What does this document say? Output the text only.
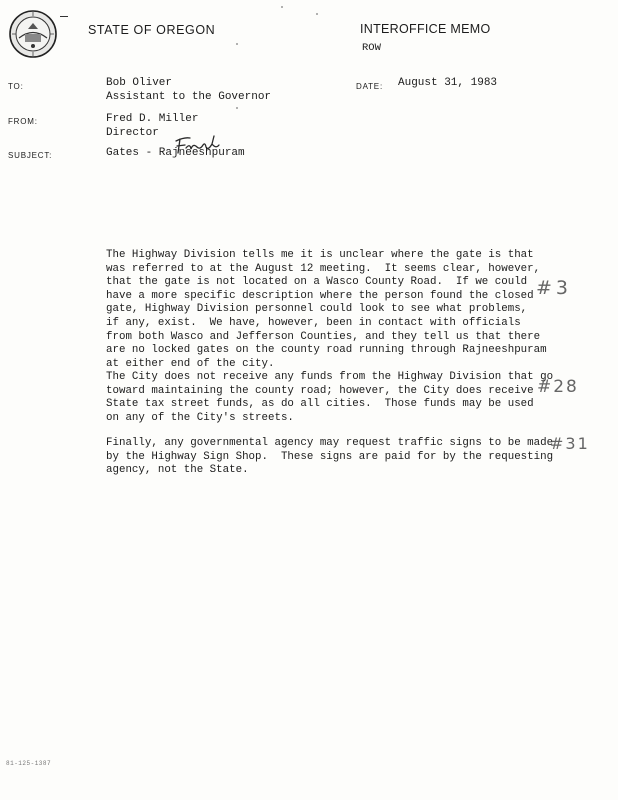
STATE OF OREGON	INTEROFFICE MEMO
ROW
TO:	Bob Oliver
Assistant to the Governor
DATE: August 31, 1983
FROM:	Fred D. Miller
Director
SUBJECT:	Gates - Rajneeshpuram
The Highway Division tells me it is unclear where the gate is that
was referred to at the August 12 meeting.  It seems clear, however,
that the gate is not located on a Wasco County Road.  If we could
have a more specific description where the person found the closed
gate, Highway Division personnel could look to see what problems,
if any, exist.  We have, however, been in contact with officials
from both Wasco and Jefferson Counties, and they tell us that there
are no locked gates on the county road running through Rajneeshpuram
at either end of the city.
The City does not receive any funds from the Highway Division that go
toward maintaining the county road; however, the City does receive
State tax street funds, as do all cities.  Those funds may be used
on any of the City's streets.
Finally, any governmental agency may request traffic signs to be made
by the Highway Sign Shop.  These signs are paid for by the requesting
agency, not the State.
#3
#28
#31
81-125-1387
